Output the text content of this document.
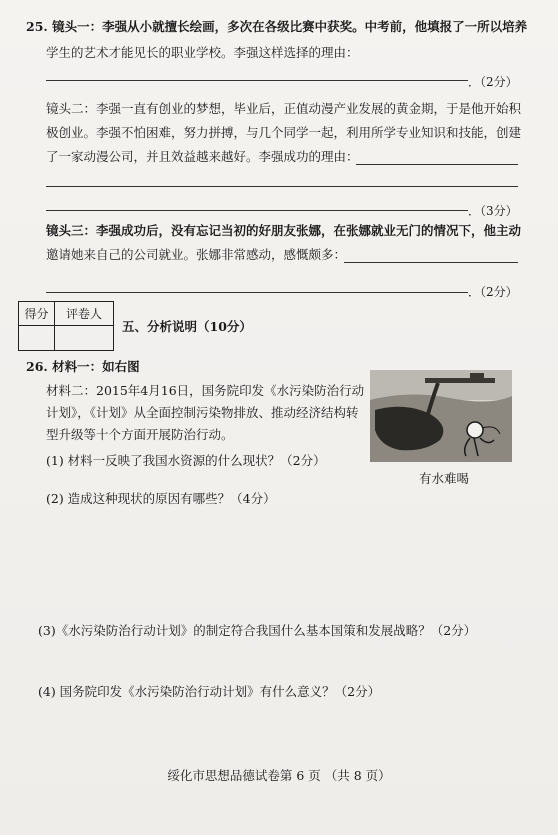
25. 镜头一：李强从小就擅长绘画，多次在各级比赛中获奖。中考前，他填报了一所以培养
学生的艺术才能见长的职业学校。李强这样选择的理由：
．（2分）
镜头二：李强一直有创业的梦想，毕业后，正值动漫产业发展的黄金期，于是他开始积
极创业。李强不怕困难，努力拼搏，与几个同学一起，利用所学专业知识和技能，创建
了一家动漫公司，并且效益越来越好。李强成功的理由：
．（3分）
镜头三：李强成功后，没有忘记当初的好朋友张娜，在张娜就业无门的情况下，他主动
邀请她来自己的公司就业。张娜非常感动，感慨颇多：
．（2分）
得分	评卷人
五、分析说明（10分）
26. 材料一：如右图
材料二：2015年4月16日，国务院印发《水污染防治行动
计划》，《计划》从全面控制污染物排放、推动经济结构转
型升级等十个方面开展防治行动。
有水难喝
(1) 材料一反映了我国水资源的什么现状？（2分）
(2) 造成这种现状的原因有哪些？（4分）
(3)《水污染防治行动计划》的制定符合我国什么基本国策和发展战略？（2分）
(4) 国务院印发《水污染防治行动计划》有什么意义？（2分）
绥化市思想品德试卷第 6 页 （共 8 页）
